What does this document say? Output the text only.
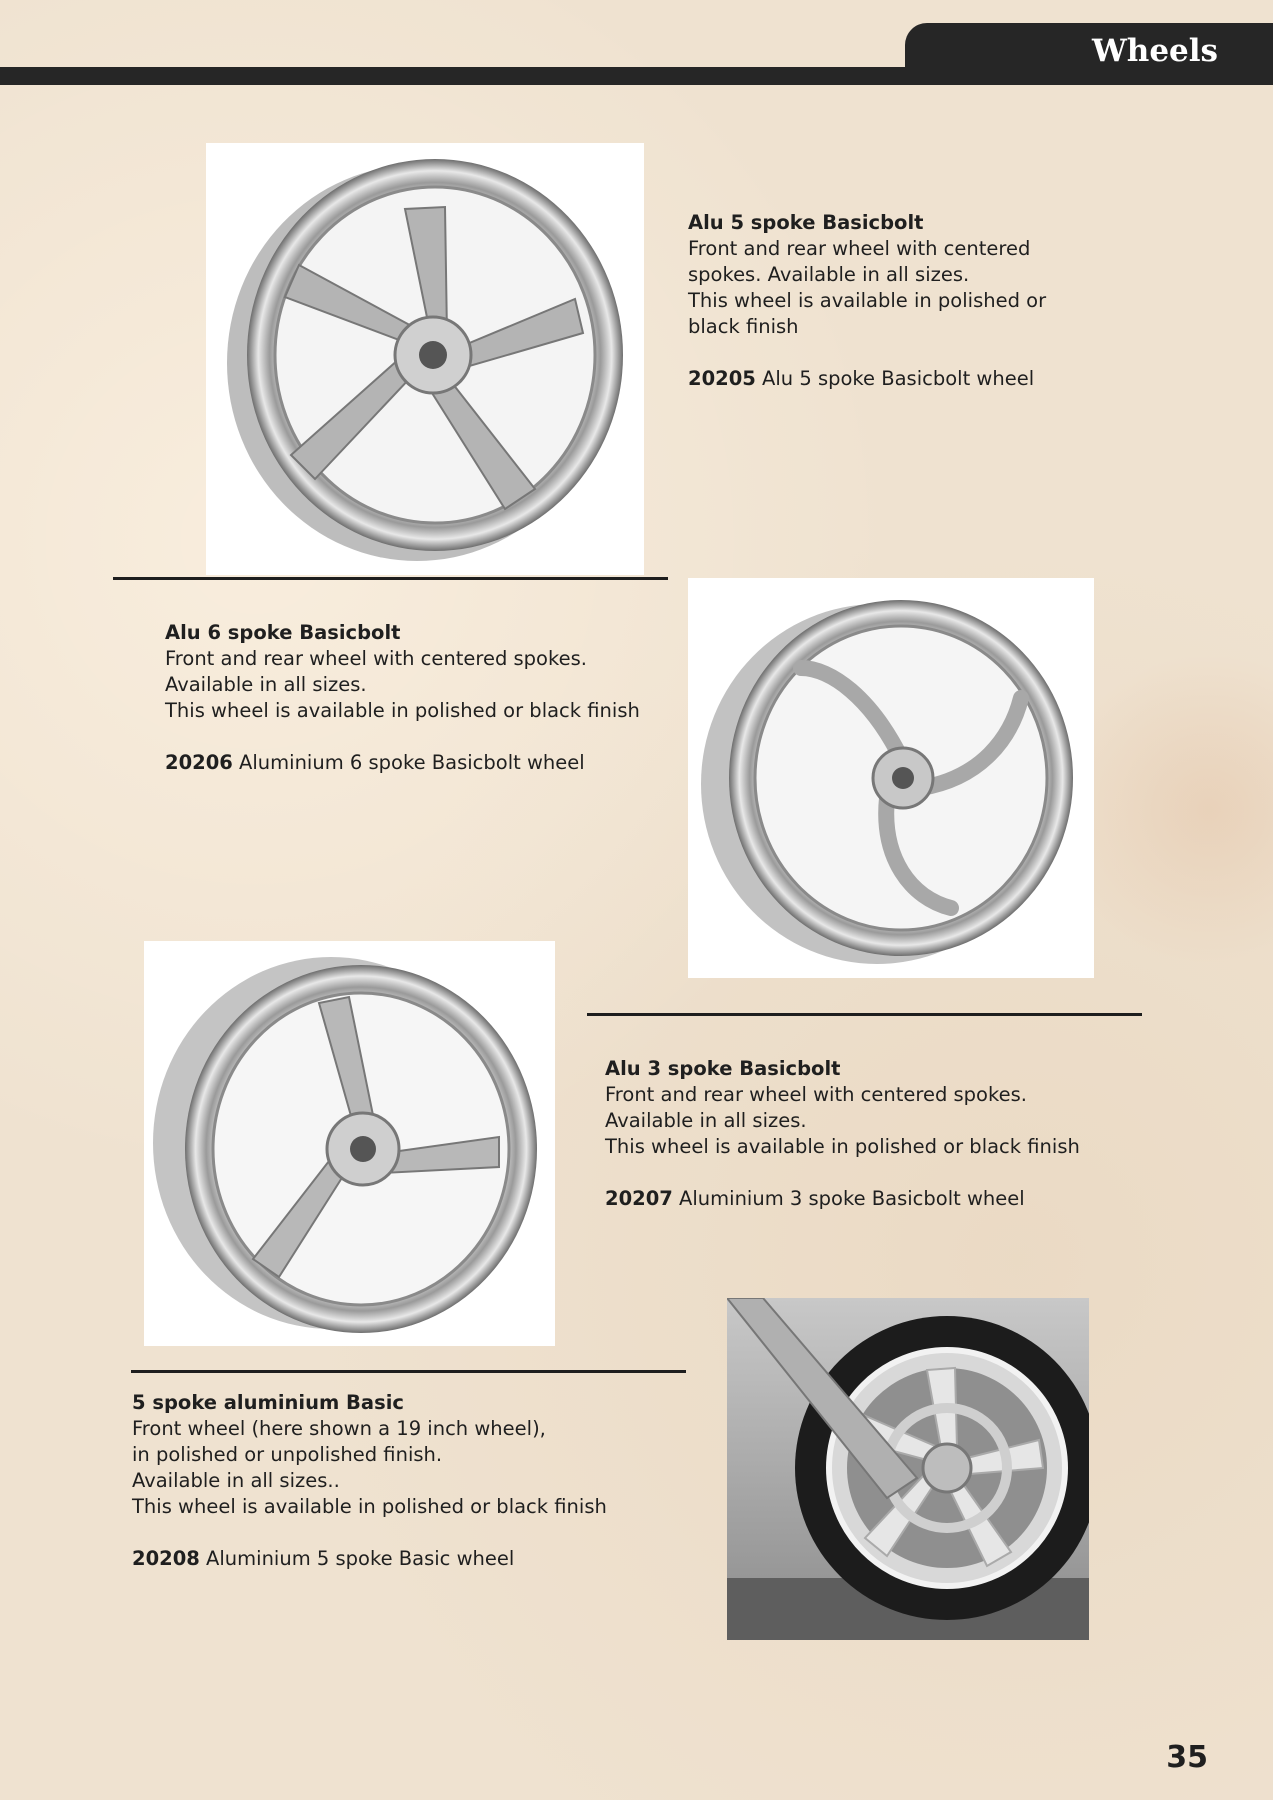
Wheels
Alu 5 spoke Basicbolt
Front and rear wheel with centered
spokes. Available in all sizes.
This wheel is available in polished or
black finish
20205 Alu 5 spoke Basicbolt wheel
Alu 6 spoke Basicbolt
Front and rear wheel with centered spokes.
Available in all sizes.
This wheel is available in polished or black finish
20206 Aluminium 6 spoke Basicbolt wheel
Alu 3 spoke Basicbolt
Front and rear wheel with centered spokes.
Available in all sizes.
This wheel is available in polished or black finish
20207 Aluminium 3 spoke Basicbolt wheel
5 spoke aluminium Basic
Front wheel (here shown a 19 inch wheel),
in polished or unpolished finish.
Available in all sizes..
This wheel is available in polished or black finish
20208 Aluminium 5 spoke Basic wheel
35
